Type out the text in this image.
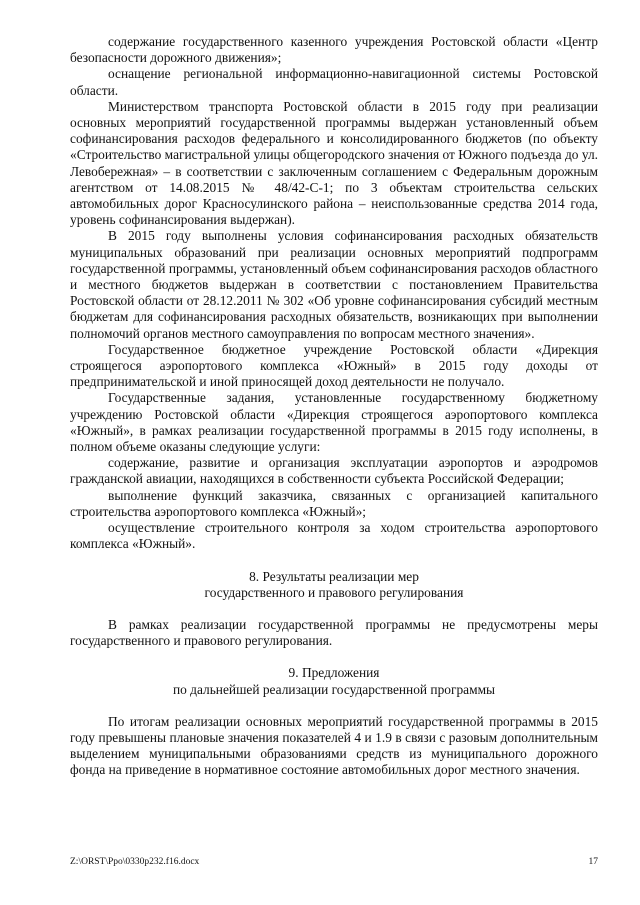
содержание государственного казенного учреждения Ростовской области «Центр безопасности дорожного движения»;

оснащение региональной информационно-навигационной системы Ростовской области.

Министерством транспорта Ростовской области в 2015 году при реализации основных мероприятий государственной программы выдержан установленный объем софинансирования расходов федерального и консолидированного бюджетов (по объекту «Строительство магистральной улицы общегородского значения от Южного подъезда до ул. Левобережная» – в соответствии с заключенным соглашением с Федеральным дорожным агентством от 14.08.2015 № 48/42-С-1; по 3 объектам строительства сельских автомобильных дорог Красносулинского района – неиспользованные средства 2014 года, уровень софинансирования выдержан).

В 2015 году выполнены условия софинансирования расходных обязательств муниципальных образований при реализации основных мероприятий подпрограмм государственной программы, установленный объем софинансирования расходов областного и местного бюджетов выдержан в соответствии с постановлением Правительства Ростовской области от 28.12.2011 № 302 «Об уровне софинансирования субсидий местным бюджетам для софинансирования расходных обязательств, возникающих при выполнении полномочий органов местного самоуправления по вопросам местного значения».

Государственное бюджетное учреждение Ростовской области «Дирекция строящегося аэропортового комплекса «Южный» в 2015 году доходы от предпринимательской и иной приносящей доход деятельности не получало.

Государственные задания, установленные государственному бюджетному учреждению Ростовской области «Дирекция строящегося аэропортового комплекса «Южный», в рамках реализации государственной программы в 2015 году исполнены, в полном объеме оказаны следующие услуги:

содержание, развитие и организация эксплуатации аэропортов и аэродромов гражданской авиации, находящихся в собственности субъекта Российской Федерации;

выполнение функций заказчика, связанных с организацией капитального строительства аэропортового комплекса «Южный»;

осуществление строительного контроля за ходом строительства аэропортового комплекса «Южный».

8. Результаты реализации мер
государственного и правового регулирования

В рамках реализации государственной программы не предусмотрены меры государственного и правового регулирования.

9. Предложения
по дальнейшей реализации государственной программы

По итогам реализации основных мероприятий государственной программы в 2015 году превышены плановые значения показателей 4 и 1.9 в связи с разовым дополнительным выделением муниципальными образованиями средств из муниципального дорожного фонда на приведение в нормативное состояние автомобильных дорог местного значения.

Z:\ORST\Ppo\0330p232.f16.docx	17
